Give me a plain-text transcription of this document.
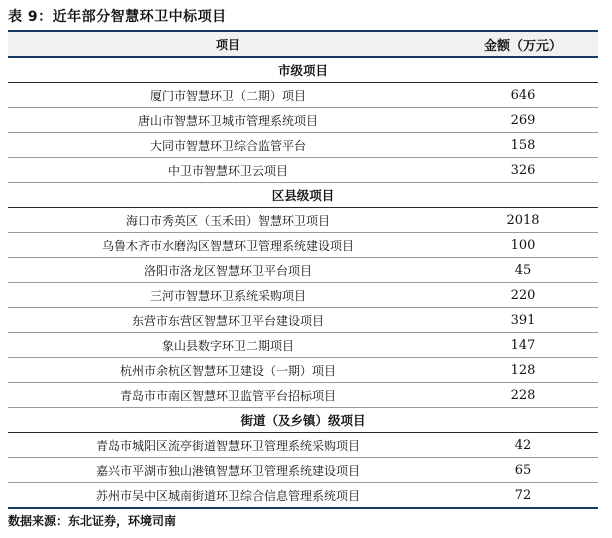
表 9：近年部分智慧环卫中标项目
项目	金额（万元）
市级项目
厦门市智慧环卫（二期）项目	646
唐山市智慧环卫城市管理系统项目	269
大同市智慧环卫综合监管平台	158
中卫市智慧环卫云项目	326
区县级项目
海口市秀英区（玉禾田）智慧环卫项目	2018
乌鲁木齐市水磨沟区智慧环卫管理系统建设项目	100
洛阳市洛龙区智慧环卫平台项目	45
三河市智慧环卫系统采购项目	220
东营市东营区智慧环卫平台建设项目	391
象山县数字环卫二期项目	147
杭州市余杭区智慧环卫建设（一期）项目	128
青岛市市南区智慧环卫监管平台招标项目	228
街道（及乡镇）级项目
青岛市城阳区流亭街道智慧环卫管理系统采购项目	42
嘉兴市平湖市独山港镇智慧环卫管理系统建设项目	65
苏州市吴中区城南街道环卫综合信息管理系统项目	72
数据来源：东北证券，环境司南
